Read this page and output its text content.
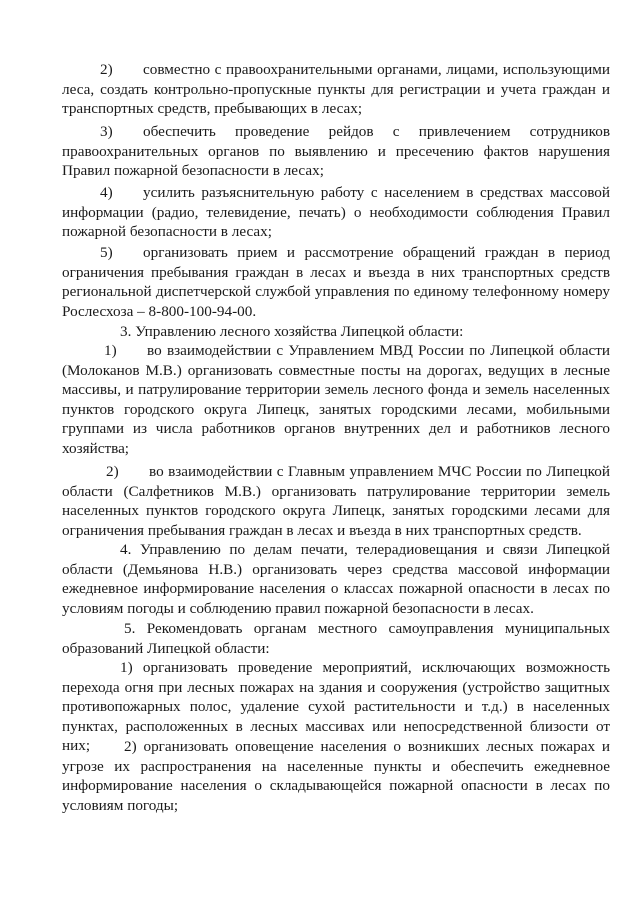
2)  совместно с правоохранительными органами, лицами, использующими леса, создать контрольно-пропускные пункты для регистрации и учета граждан и транспортных средств, пребывающих в лесах;

3)  обеспечить проведение рейдов с привлечением сотрудников правоохранительных органов по выявлению и пресечению фактов нарушения Правил пожарной безопасности в лесах;

4)  усилить разъяснительную работу с населением в средствах массовой информации (радио, телевидение, печать) о необходимости соблюдения Правил пожарной безопасности в лесах;

5)  организовать прием и рассмотрение обращений граждан в период ограничения пребывания граждан в лесах и въезда в них транспортных средств региональной диспетчерской службой управления по единому телефонному номеру Рослесхоза – 8-800-100-94-00.

3. Управлению лесного хозяйства Липецкой области:

1)  во взаимодействии с Управлением МВД России по Липецкой области (Молоканов М.В.) организовать совместные посты на дорогах, ведущих в лесные массивы, и патрулирование территории земель лесного фонда и земель населенных пунктов городского округа Липецк, занятых городскими лесами, мобильными группами из числа работников органов внутренних дел и работников лесного хозяйства;

2)  во взаимодействии с Главным управлением МЧС России по Липецкой области (Салфетников М.В.) организовать патрулирование территории земель населенных пунктов городского округа Липецк, занятых городскими лесами для ограничения пребывания граждан в лесах и въезда в них транспортных средств.

4. Управлению по делам печати, телерадиовещания и связи Липецкой области (Демьянова Н.В.) организовать через средства массовой информации ежедневное информирование населения о классах пожарной опасности в лесах по условиям погоды и соблюдению правил пожарной безопасности в лесах.

5. Рекомендовать органам местного самоуправления муниципальных образований Липецкой области:

1) организовать проведение мероприятий, исключающих возможность перехода огня при лесных пожарах на здания и сооружения (устройство защитных противопожарных полос, удаление сухой растительности и т.д.) в населенных пунктах, расположенных в лесных массивах или непосредственной близости от них;	2) организовать оповещение населения о возникших лесных пожарах и угрозе их распространения на населенные пункты и обеспечить ежедневное информирование населения о складывающейся пожарной опасности в лесах по условиям погоды;
